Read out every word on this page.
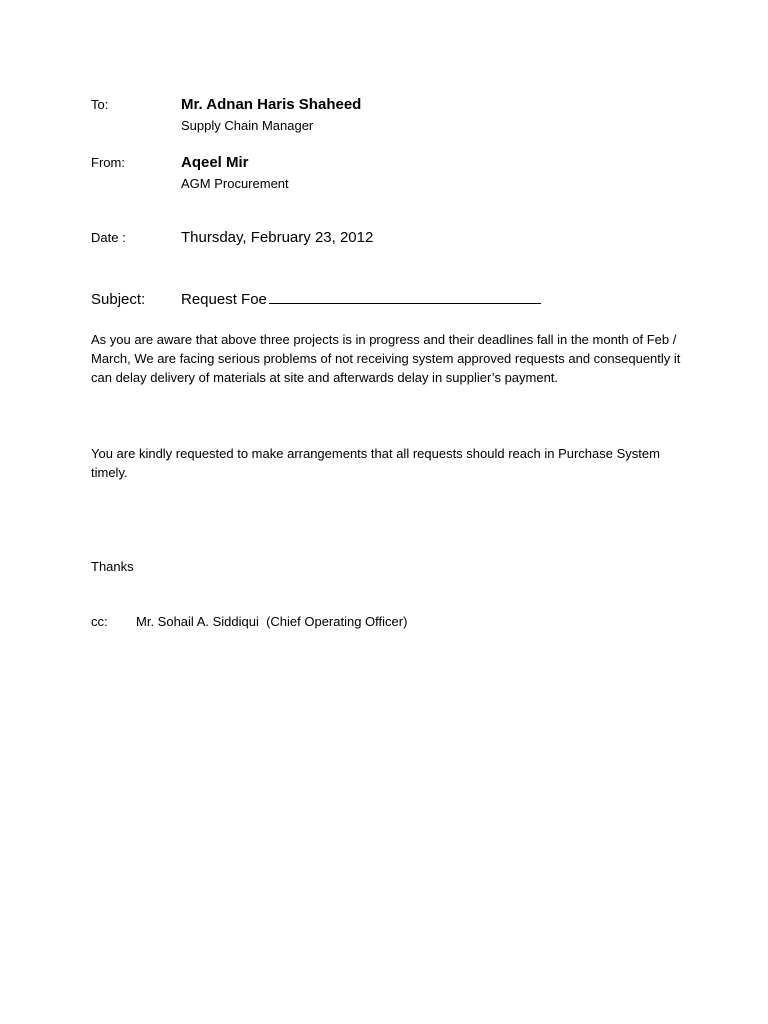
To:	Mr. Adnan Haris Shaheed
Supply Chain Manager
From:	Aqeel Mir
AGM Procurement
Date :	Thursday, February 23, 2012
Subject:	Request Foe
As you are aware that above three projects is in progress and their deadlines fall in the month of Feb / March, We are facing serious problems of not receiving system approved requests and consequently it can delay delivery of materials at site and afterwards delay in supplier’s payment.
You are kindly requested to make arrangements that all requests should reach in Purchase System timely.
Thanks
cc:	Mr. Sohail A. Siddiqui  (Chief Operating Officer)
